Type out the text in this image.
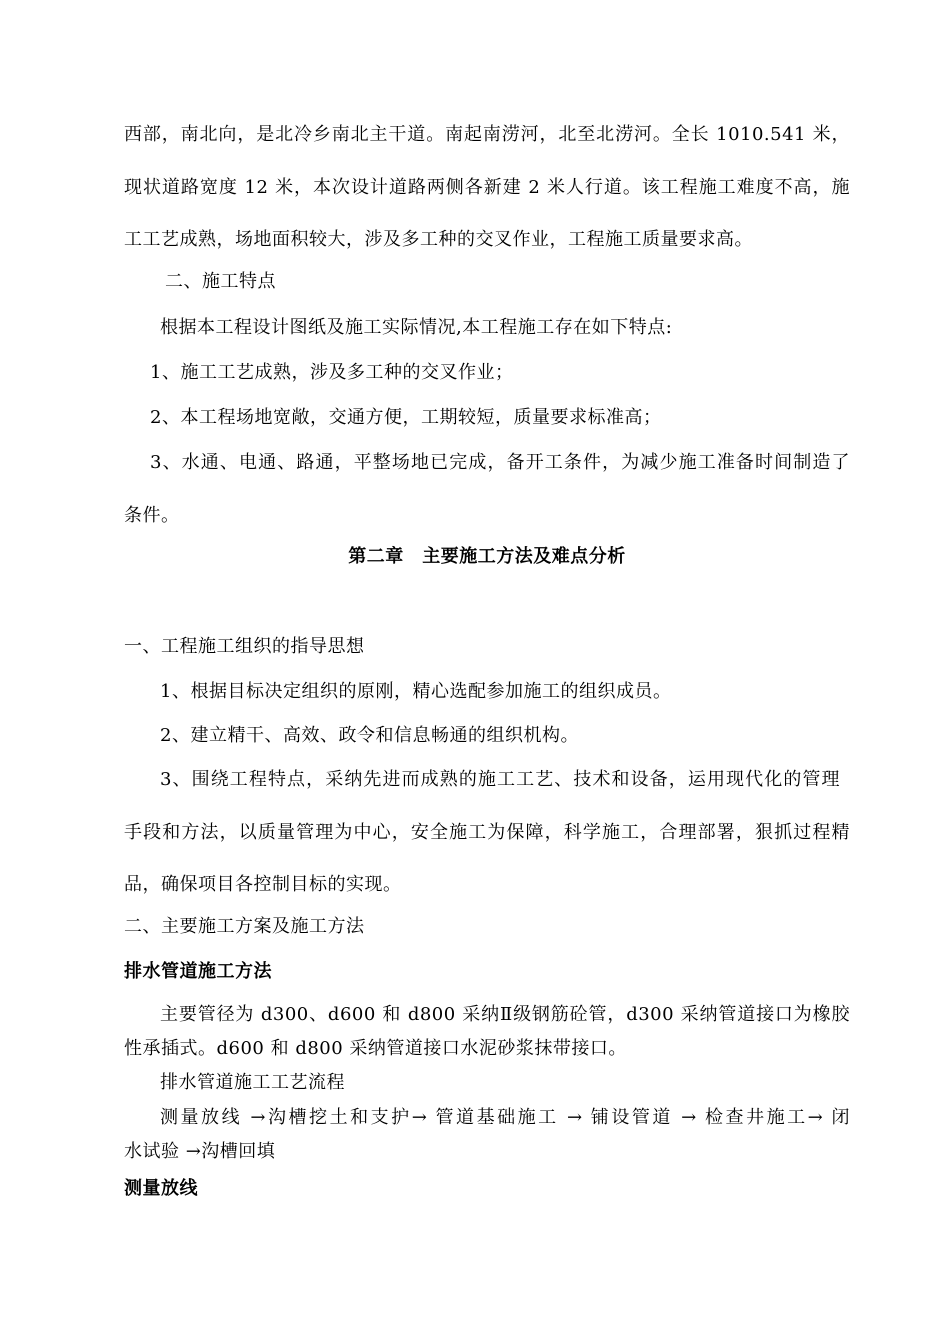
西部，南北向，是北冷乡南北主干道。南起南涝河，北至北涝河。全长 1010.541 米，
现状道路宽度 12 米，本次设计道路两侧各新建 2 米人行道。该工程施工难度不高，施
工工艺成熟，场地面积较大，涉及多工种的交叉作业，工程施工质量要求高。
二、施工特点
根据本工程设计图纸及施工实际情况,本工程施工存在如下特点:
1、施工工艺成熟，涉及多工种的交叉作业；
2、本工程场地宽敞，交通方便，工期较短，质量要求标准高；
3、水通、电通、路通，平整场地已完成，备开工条件，为减少施工准备时间制造了
条件。
第二章　主要施工方法及难点分析
一、工程施工组织的指导思想
1、根据目标决定组织的原刚，精心选配参加施工的组织成员。
2、建立精干、高效、政令和信息畅通的组织机构。
3、围绕工程特点，采纳先进而成熟的施工工艺、技术和设备，运用现代化的管理
手段和方法，以质量管理为中心，安全施工为保障，科学施工，合理部署，狠抓过程精
品，确保项目各控制目标的实现。
二、主要施工方案及施工方法
排水管道施工方法
主要管径为 d300、d600 和 d800 采纳Ⅱ级钢筋砼管，d300 采纳管道接口为橡胶
性承插式。d600 和 d800 采纳管道接口水泥砂浆抹带接口。
排水管道施工工艺流程
测量放线 →沟槽挖土和支护→ 管道基础施工 → 铺设管道 → 检查井施工→ 闭
水试验 →沟槽回填
测量放线
